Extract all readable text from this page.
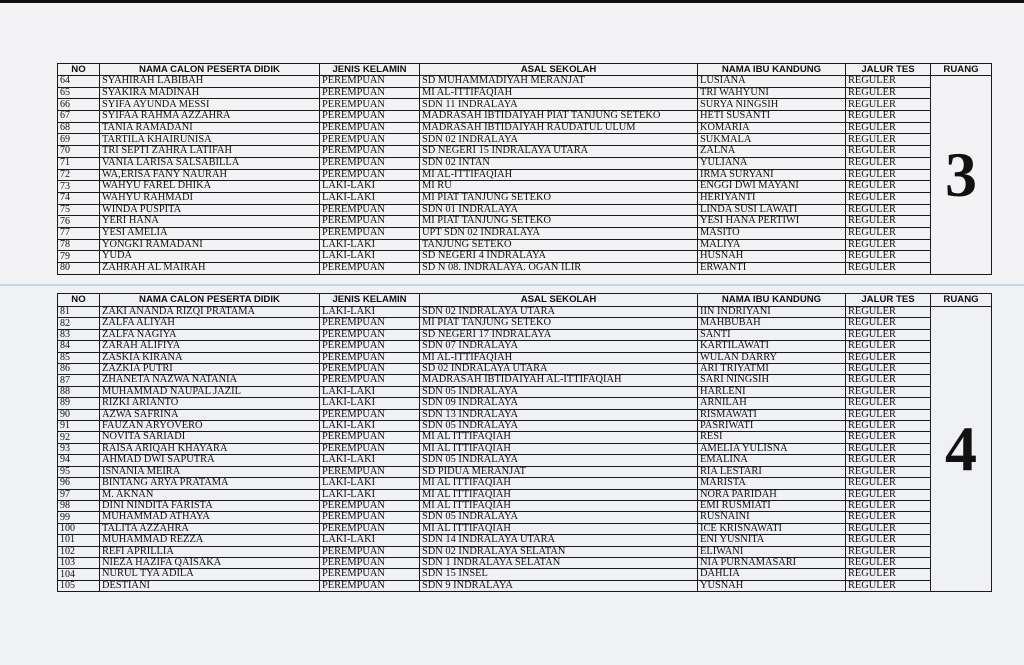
NO	NAMA CALON PESERTA DIDIK	JENIS KELAMIN	ASAL SEKOLAH	NAMA IBU KANDUNG	JALUR TES	RUANG
64	SYAHIRAH LABIBAH	PEREMPUAN	SD MUHAMMADIYAH MERANJAT	LUSIANA	REGULER	3
65	SYAKIRA MADINAH	PEREMPUAN	MI AL-ITTIFAQIAH	TRI WAHYUNI	REGULER	
66	SYIFA AYUNDA MESSI	PEREMPUAN	SDN 11 INDRALAYA	SURYA NINGSIH	REGULER	
67	SYIFAA RAHMA AZZAHRA	PEREMPUAN	MADRASAH IBTIDAIYAH PIAT TANJUNG SETEKO	HETI SUSANTI	REGULER	
68	TANIA RAMADANI	PEREMPUAN	MADRASAH IBTIDAIYAH RAUDATUL ULUM	KOMARIA	REGULER	
69	TARTILA KHAIRUNISA	PEREMPUAN	SDN 02 INDRALAYA	SUKMALA	REGULER	
70	TRI SEPTI ZAHRA LATIFAH	PEREMPUAN	SD NEGERI 15 INDRALAYA UTARA	ZALNA	REGULER	
71	VANIA LARISA SALSABILLA	PEREMPUAN	SDN 02 INTAN	YULIANA	REGULER	
72	WA,ERISA FANY NAURAH	PEREMPUAN	MI AL-ITTIFAQIAH	IRMA SURYANI	REGULER	
73	WAHYU FAREL DHIKA	LAKI-LAKI	MI RU	ENGGI DWI MAYANI	REGULER	
74	WAHYU RAHMADI	LAKI-LAKI	MI PIAT TANJUNG SETEKO	HERIYANTI	REGULER	
75	WINDA PUSPITA	PEREMPUAN	SDN 01 INDRALAYA	LINDA SUSI LAWATI	REGULER	
76	YERI HANA	PEREMPUAN	MI PIAT TANJUNG SETEKO	YESI HANA PERTIWI	REGULER	
77	YESI AMELIA	PEREMPUAN	UPT SDN 02 INDRALAYA	MASITO	REGULER	
78	YONGKI RAMADANI	LAKI-LAKI	TANJUNG SETEKO	MALIYA	REGULER	
79	YUDA	LAKI-LAKI	SD NEGERI 4 INDRALAYA	HUSNAH	REGULER	
80	ZAHRAH AL MAIRAH	PEREMPUAN	SD N 08. INDRALAYA. OGAN ILIR	ERWANTI	REGULER	
NO	NAMA CALON PESERTA DIDIK	JENIS KELAMIN	ASAL SEKOLAH	NAMA IBU KANDUNG	JALUR TES	RUANG
81	ZAKI ANANDA RIZQI PRATAMA	LAKI-LAKI	SDN 02 INDRALAYA UTARA	IIN INDRIYANI	REGULER	4
82	ZALFA ALIYAH	PEREMPUAN	MI PIAT TANJUNG SETEKO	MAHBUBAH	REGULER	
83	ZALFA NAGIYA	PEREMPUAN	SD NEGERI 17 INDRALAYA	SANTI	REGULER	
84	ZARAH ALIFIYA	PEREMPUAN	SDN 07 INDRALAYA	KARTILAWATI	REGULER	
85	ZASKIA KIRANA	PEREMPUAN	MI AL-ITTIFAQIAH	WULAN DARRY	REGULER	
86	ZAZKIA PUTRI	PEREMPUAN	SD 02 INDRALAYA UTARA	ARI TRIYATMI	REGULER	
87	ZHANETA NAZWA NATANIA	PEREMPUAN	MADRASAH IBTIDAIYAH AL-ITTIFAQIAH	SARI NINGSIH	REGULER	
88	MUHAMMAD NAUPAL JAZIL	LAKI-LAKI	SDN 05 INDRALAYA	HARLENI	REGULER	
89	RIZKI ARIANTO	LAKI-LAKI	SDN 09 INDRALAYA	ARNILAH	REGULER	
90	AZWA SAFRINA	PEREMPUAN	SDN 13 INDRALAYA	RISMAWATI	REGULER	
91	FAUZAN ARYOVERO	LAKI-LAKI	SDN 05 INDRALAYA	PASRIWATI	REGULER	
92	NOVITA SARIADI	PEREMPUAN	MI AL ITTIFAQIAH	RESI	REGULER	
93	RAISA ARIQAH KHAYARA	PEREMPUAN	MI AL ITTIFAQIAH	AMELIA YULISNA	REGULER	
94	AHMAD DWI SAPUTRA	LAKI-LAKI	SDN 05 INDRALAYA	EMALINA	REGULER	
95	ISNANIA MEIRA	PEREMPUAN	SD PIDUA MERANJAT	RIA LESTARI	REGULER	
96	BINTANG ARYA PRATAMA	LAKI-LAKI	MI AL ITTIFAQIAH	MARISTA	REGULER	
97	M. AKNAN	LAKI-LAKI	MI AL ITTIFAQIAH	NORA PARIDAH	REGULER	
98	DINI NINDITA FARISTA	PEREMPUAN	MI AL ITTIFAQIAH	EMI RUSMIATI	REGULER	
99	MUHAMMAD ATHAYA	PEREMPUAN	SDN 05 INDRALAYA	RUSNAINI	REGULER	
100	TALITA AZZAHRA	PEREMPUAN	MI AL ITTIFAQIAH	ICE KRISNAWATI	REGULER	
101	MUHAMMAD REZZA	LAKI-LAKI	SDN 14 INDRALAYA UTARA	ENI YUSNITA	REGULER	
102	REFI APRILLIA	PEREMPUAN	SDN 02 INDRALAYA SELATAN	ELIWANI	REGULER	
103	NIEZA HAZIFA QAISAKA	PEREMPUAN	SDN 1 INDRALAYA SELATAN	NIA PURNAMASARI	REGULER	
104	NURUL TYA ADILA	PEREMPUAN	SDN 15 INSEL	DAHLIA	REGULER	
105	DESTIANI	PEREMPUAN	SDN 9 INDRALAYA	YUSNAH	REGULER	
